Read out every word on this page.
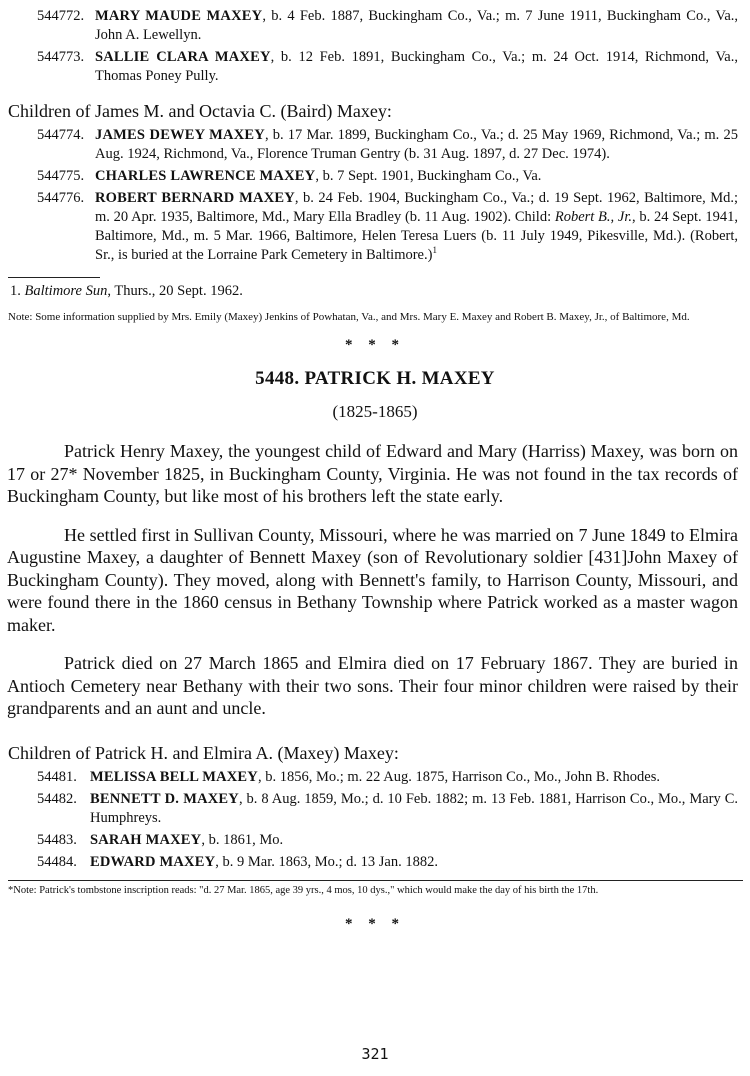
544772. MARY MAUDE MAXEY, b. 4 Feb. 1887, Buckingham Co., Va.; m. 7 June 1911, Buckingham Co., Va., John A. Lewellyn.
544773. SALLIE CLARA MAXEY, b. 12 Feb. 1891, Buckingham Co., Va.; m. 24 Oct. 1914, Richmond, Va., Thomas Poney Pully.
Children of James M. and Octavia C. (Baird) Maxey:
544774. JAMES DEWEY MAXEY, b. 17 Mar. 1899, Buckingham Co., Va.; d. 25 May 1969, Richmond, Va.; m. 25 Aug. 1924, Richmond, Va., Florence Truman Gentry (b. 31 Aug. 1897, d. 27 Dec. 1974).
544775. CHARLES LAWRENCE MAXEY, b. 7 Sept. 1901, Buckingham Co., Va.
544776. ROBERT BERNARD MAXEY, b. 24 Feb. 1904, Buckingham Co., Va.; d. 19 Sept. 1962, Baltimore, Md.; m. 20 Apr. 1935, Baltimore, Md., Mary Ella Bradley (b. 11 Aug. 1902). Child: Robert B., Jr., b. 24 Sept. 1941, Baltimore, Md., m. 5 Mar. 1966, Baltimore, Helen Teresa Luers (b. 11 July 1949, Pikesville, Md.). (Robert, Sr., is buried at the Lorraine Park Cemetery in Baltimore.)$^1$
1. Baltimore Sun, Thurs., 20 Sept. 1962.
Note: Some information supplied by Mrs. Emily (Maxey) Jenkins of Powhatan, Va., and Mrs. Mary E. Maxey and Robert B. Maxey, Jr., of Baltimore, Md.
* * *
5448. PATRICK H. MAXEY
(1825-1865)

Patrick Henry Maxey, the youngest child of Edward and Mary (Harriss) Maxey, was born on 17 or 27* November 1825, in Buckingham County, Virginia. He was not found in the tax records of Buckingham County, but like most of his brothers left the state early.

He settled first in Sullivan County, Missouri, where he was married on 7 June 1849 to Elmira Augustine Maxey, a daughter of Bennett Maxey (son of Revolutionary soldier [431]John Maxey of Buckingham County). They moved, along with Bennett's family, to Harrison County, Missouri, and were found there in the 1860 census in Bethany Township where Patrick worked as a master wagon maker.

Patrick died on 27 March 1865 and Elmira died on 17 February 1867. They are buried in Antioch Cemetery near Bethany with their two sons. Their four minor children were raised by their grandparents and an aunt and uncle.

Children of Patrick H. and Elmira A. (Maxey) Maxey:
54481. MELISSA BELL MAXEY, b. 1856, Mo.; m. 22 Aug. 1875, Harrison Co., Mo., John B. Rhodes.
54482. BENNETT D. MAXEY, b. 8 Aug. 1859, Mo.; d. 10 Feb. 1882; m. 13 Feb. 1881, Harrison Co., Mo., Mary C. Humphreys.
54483. SARAH MAXEY, b. 1861, Mo.
54484. EDWARD MAXEY, b. 9 Mar. 1863, Mo.; d. 13 Jan. 1882.
*Note: Patrick's tombstone inscription reads: "d. 27 Mar. 1865, age 39 yrs., 4 mos, 10 dys.," which would make the day of his birth the 17th.
* * *
321
